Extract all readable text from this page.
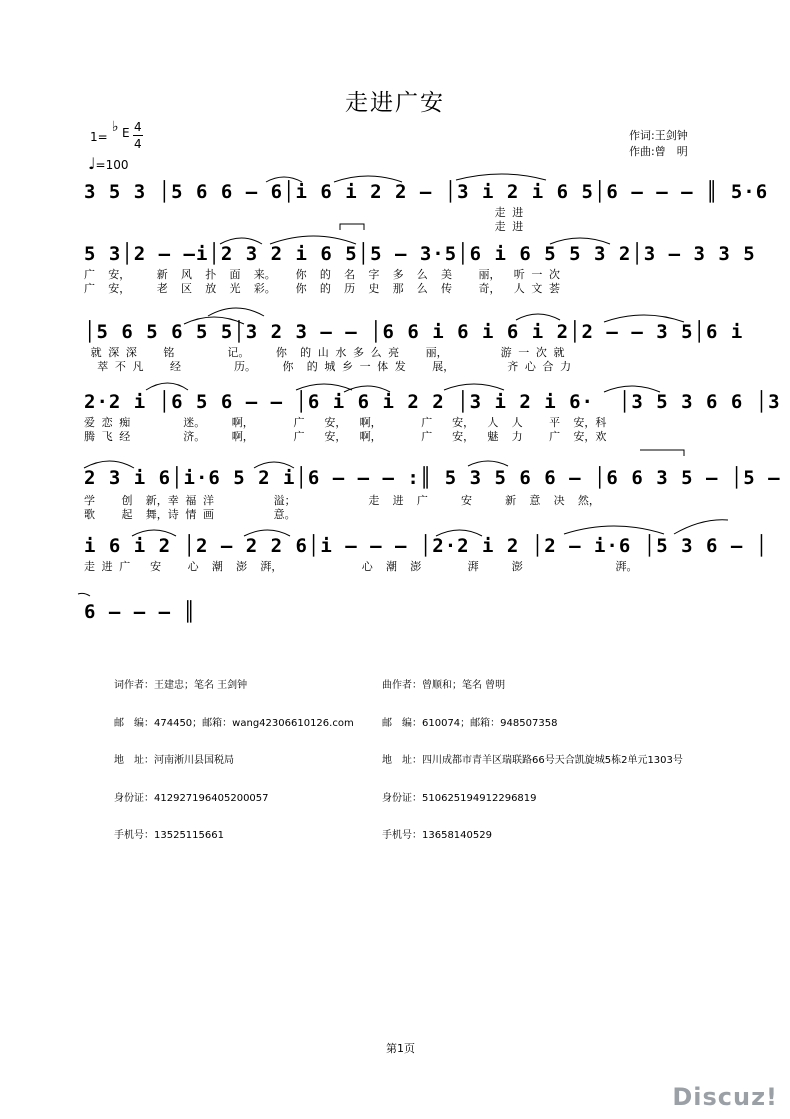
走进广安
1=
♭ E 4
4
♩=100
作词:王剑钟
作曲:曾　明
3 5 3 │5 6 6 – 6│i 6 i 2 2 – │3 i 2 i 6 5│6 – – – ║ 5·6
走 进
走 进
5 3│2 – –i│2 3 2 i 6 5│5 – 3·5│6 i 6 5 5 3 2│3 – 3 3 5
广  安，    新  风  扑  面  来。   你  的  名  字  多  么  美    丽，  听 一 次
广  安，    老  区  放  光  彩。   你  的  历  史  那  么  传    奇，  人 文 荟
│5 6 5 6 5 5│3 2 3 – – │6 6 i 6 i 6 i 2│2 – – 3 5│6 i
就 深 深    铭        记。    你  的 山 水 多 么 亮    丽，        游 一 次 就
萃 不 凡    经        历。    你  的 城 乡 一 体 发    展，        齐 心 合 力
2·2 i │6 5 6 – – │6 i 6 i 2 2 │3 i 2 i 6·  │3 5 3 6 6 │3
爱 恋 痴        迷。    啊，      广   安，  啊，      广   安，  人  人    平  安，科
腾 飞 经        济。    啊，      广   安，  啊，      广   安，  魅  力    广  安，欢
2 3 i 6│i·6 5 2 i│6 – – – :║ 5 3 5 6 6 – │6 6 3 5 – │5 –
学    创  新，幸 福 洋         溢；           走  进  广     安     新  意  决  然，
歌    起  舞，诗 情 画         意。
i 6 i 2 │2 – 2 2 6│i – – – │2·2 i 2 │2 – i·6 │5 3 6 – │
走 进 广   安    心  潮  澎  湃，            心  潮  澎       湃     澎              湃。
6 – – – ║

词作者：王建忠；笔名 王剑钟

邮　编：474450；邮箱：wang42306610126.com

地　址：河南淅川县国税局

身份证：412927196405200057

手机号：13525115661

曲作者：曾顺和；笔名 曾明

邮　编：610074；邮箱：948507358

地　址：四川成都市青羊区瑞联路66号天合凯旋城5栋2单元1303号

身份证：510625194912296819

手机号：13658140529

第1页
Discuz!
